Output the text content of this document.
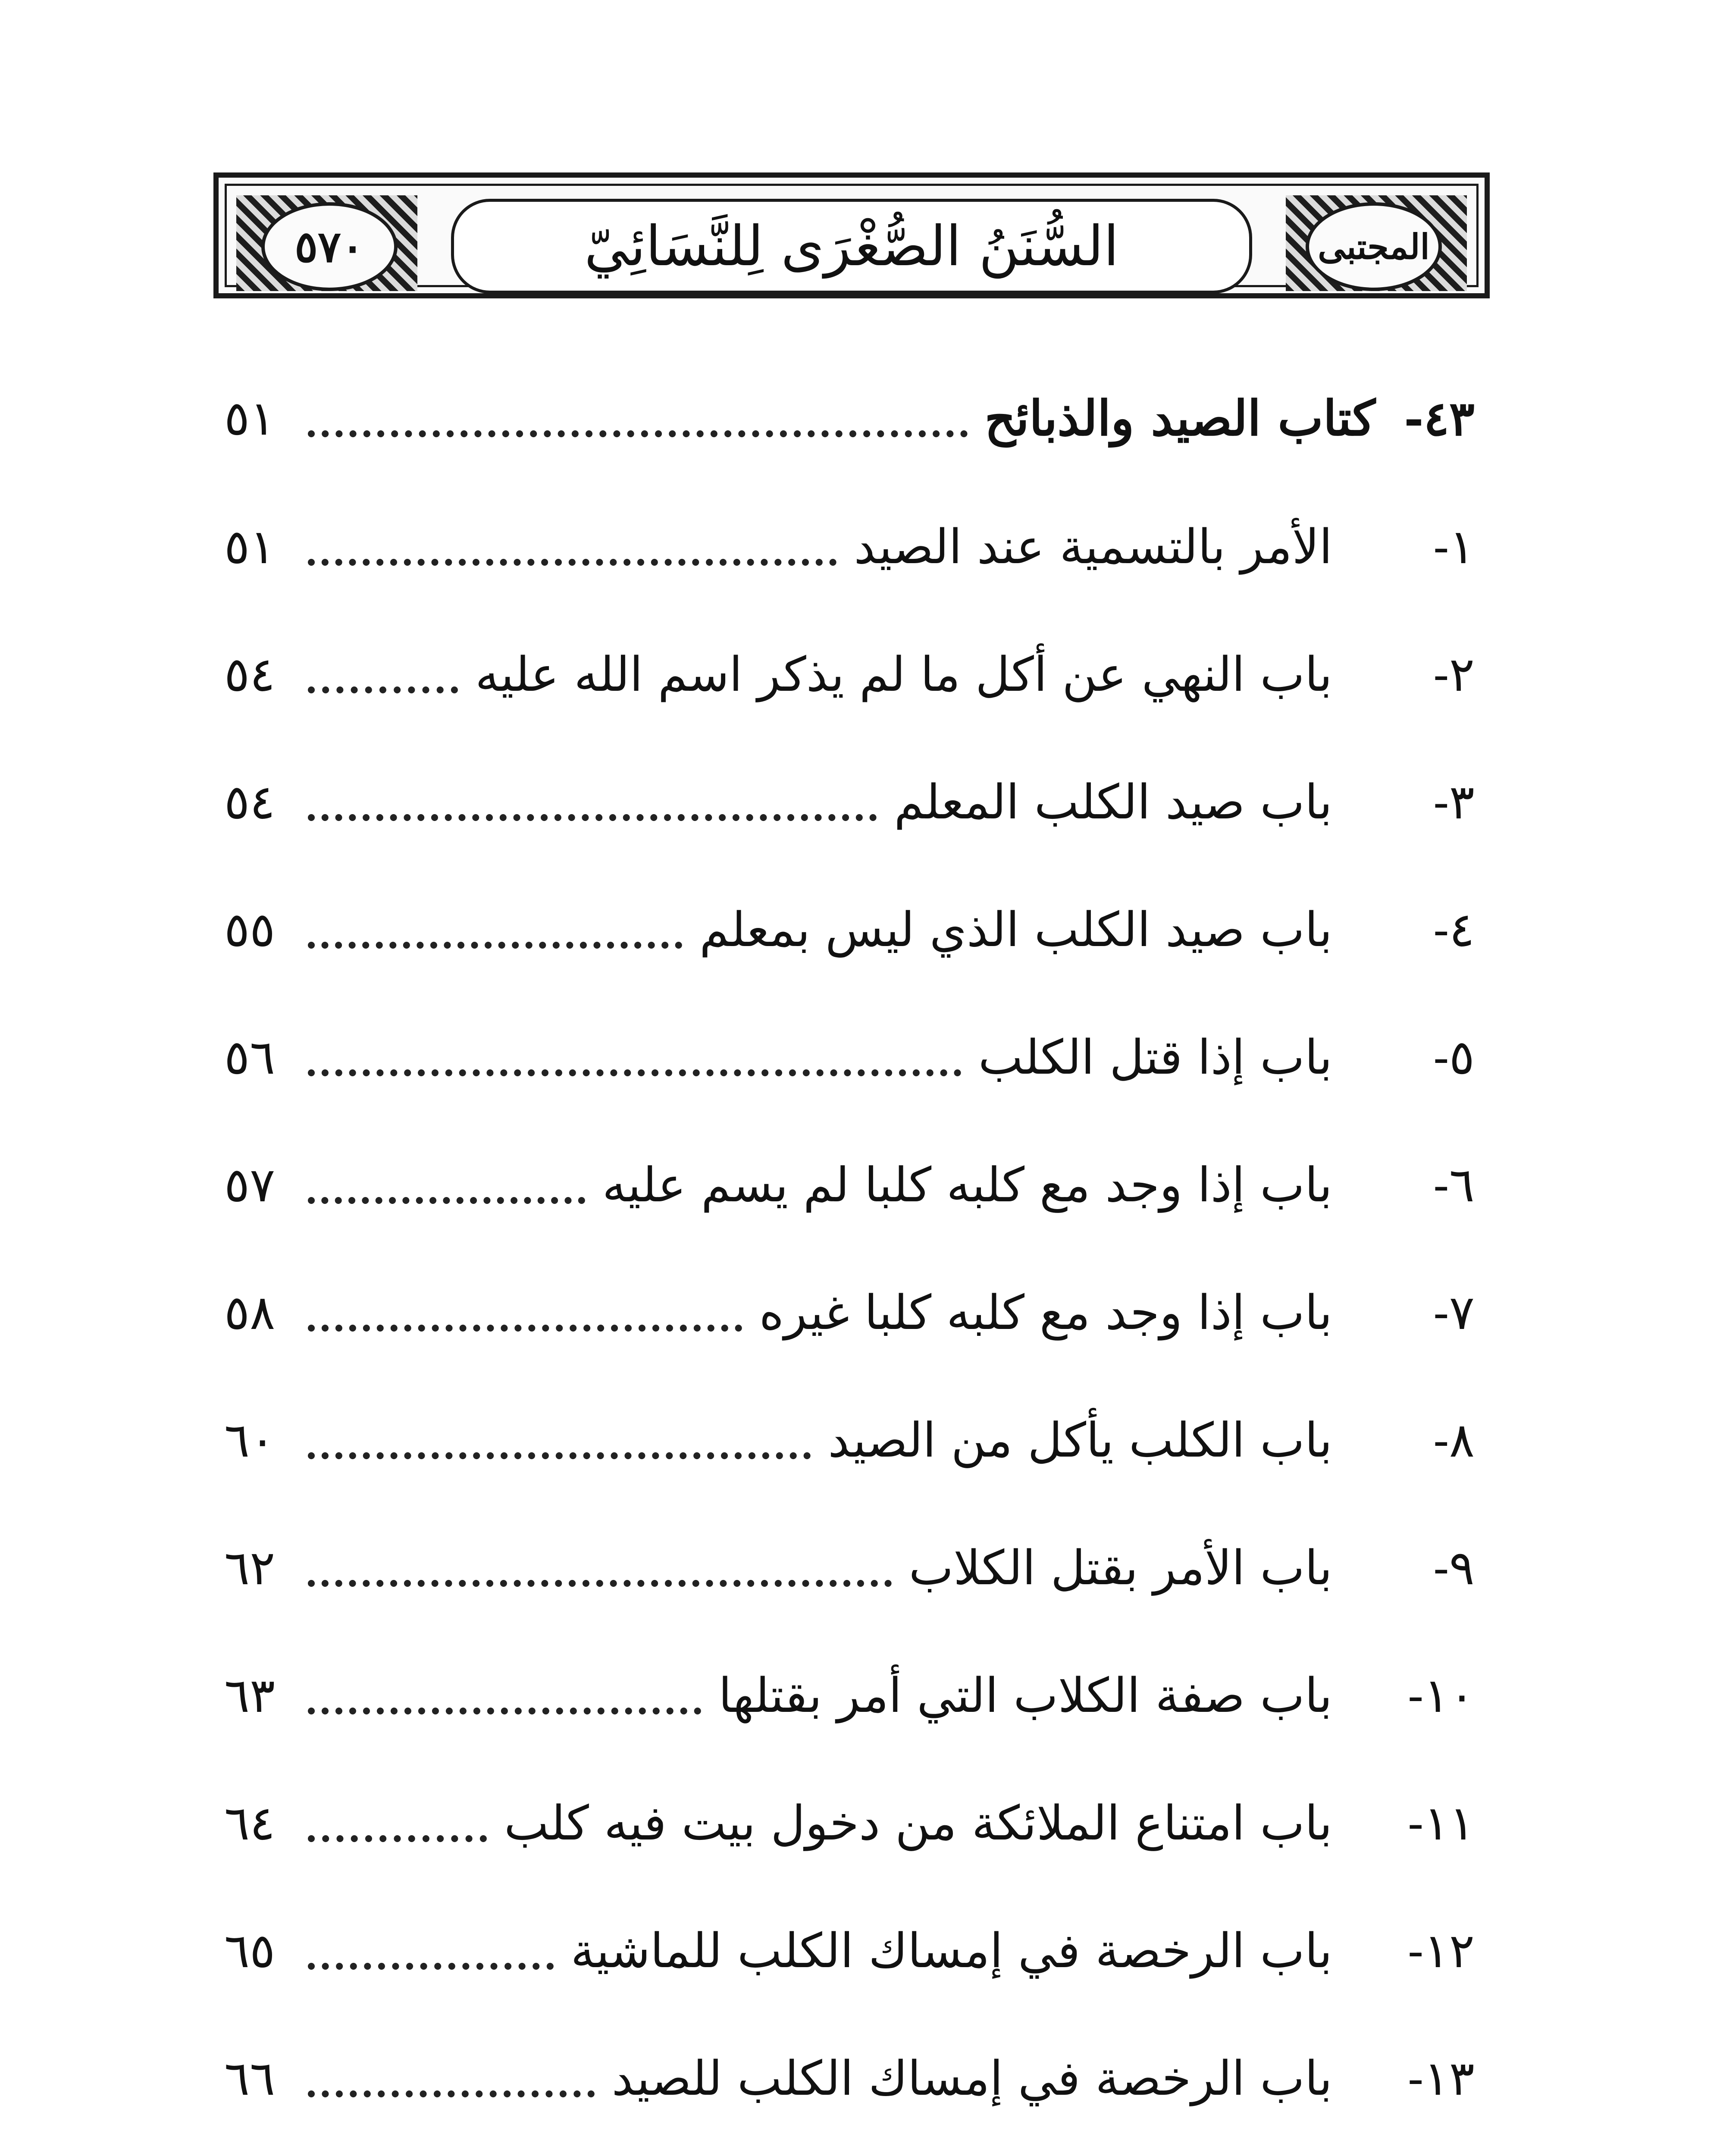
٥٧٠	المجتبى
السُّنَنُ الصُّغْرَى لِلنَّسَائِيّ
٤٣-
كتاب الصيد والذبائح
٥١
١-
الأمر بالتسمية عند الصيد
٥١
٢-
باب النهي عن أكل ما لم يذكر اسم الله عليه
٥٤
٣-
باب صيد الكلب المعلم
٥٤
٤-
باب صيد الكلب الذي ليس بمعلم
٥٥
٥-
باب إذا قتل الكلب
٥٦
٦-
باب إذا وجد مع كلبه كلبا لم يسم عليه
٥٧
٧-
باب إذا وجد مع كلبه كلبا غيره
٥٨
٨-
باب الكلب يأكل من الصيد
٦٠
٩-
باب الأمر بقتل الكلاب
٦٢
١٠-
باب صفة الكلاب التي أمر بقتلها
٦٣
١١-
باب امتناع الملائكة من دخول بيت فيه كلب
٦٤
١٢-
باب الرخصة في إمساك الكلب للماشية
٦٥
١٣-
باب الرخصة في إمساك الكلب للصيد
٦٦
